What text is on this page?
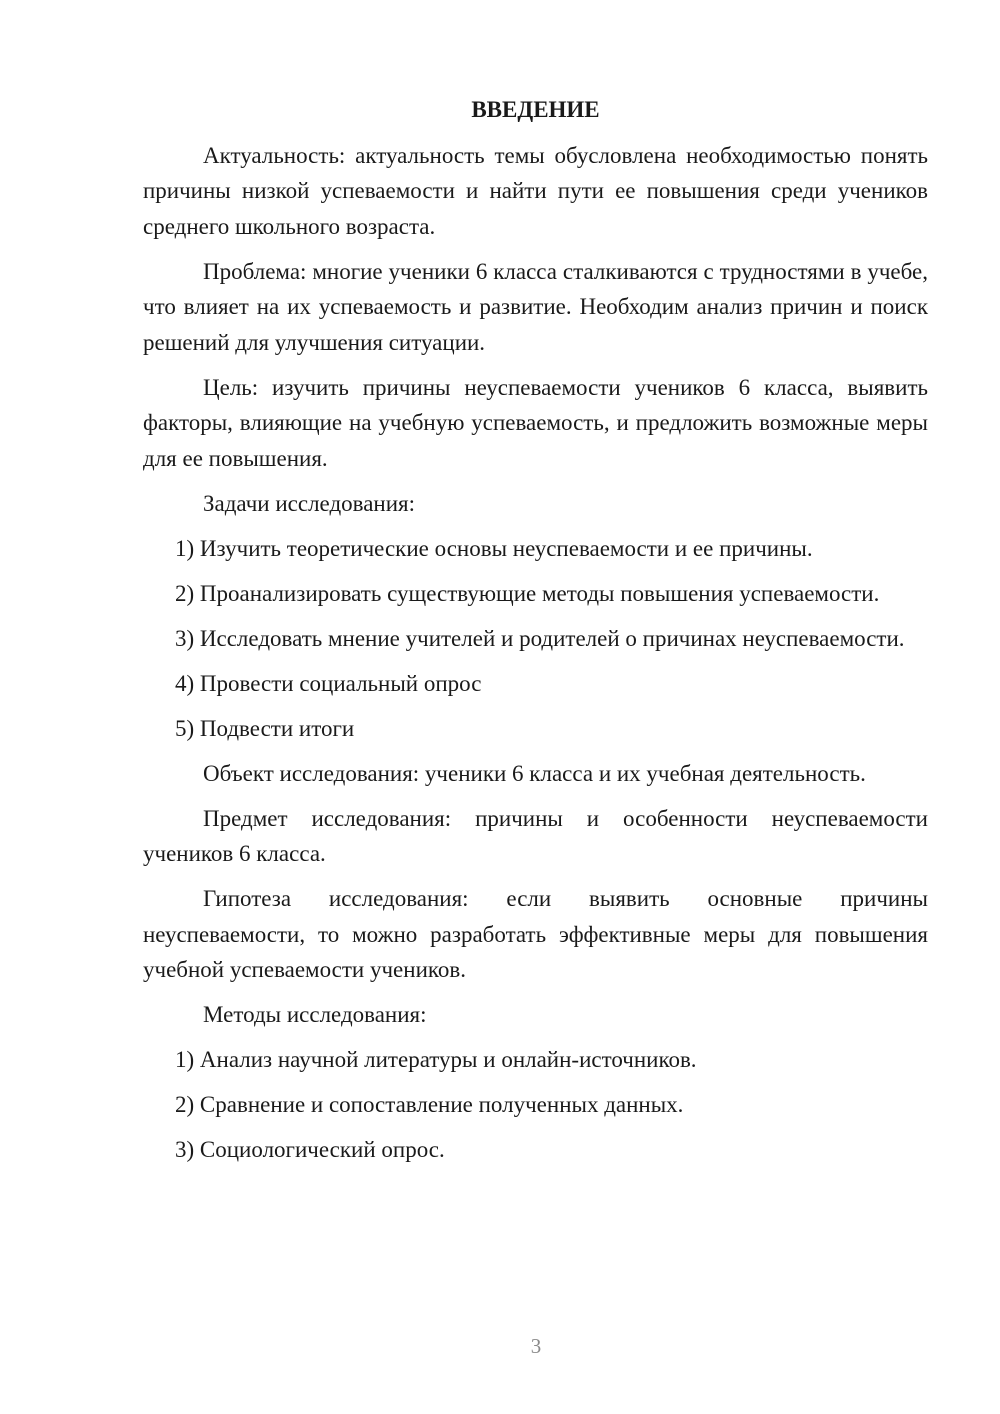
ВВЕДЕНИЕ

Актуальность: актуальность темы обусловлена необходимостью понять причины низкой успеваемости и найти пути ее повышения среди учеников среднего школьного возраста.

Проблема: многие ученики 6 класса сталкиваются с трудностями в учебе, что влияет на их успеваемость и развитие. Необходим анализ причин и поиск решений для улучшения ситуации.

Цель: изучить причины неуспеваемости учеников 6 класса, выявить факторы, влияющие на учебную успеваемость, и предложить возможные меры для ее повышения.

Задачи исследования:

1) Изучить теоретические основы неуспеваемости и ее причины.

2) Проанализировать существующие методы повышения успеваемости.

3) Исследовать мнение учителей и родителей о причинах неуспеваемости.

4) Провести социальный опрос

5) Подвести итоги

Объект исследования: ученики 6 класса и их учебная деятельность.

Предмет исследования: причины и особенности неуспеваемости учеников 6 класса.

Гипотеза исследования: если выявить основные причины неуспеваемости, то можно разработать эффективные меры для повышения учебной успеваемости учеников.

Методы исследования:

1) Анализ научной литературы и онлайн-источников.

2) Сравнение и сопоставление полученных данных.

3) Социологический опрос.

3
